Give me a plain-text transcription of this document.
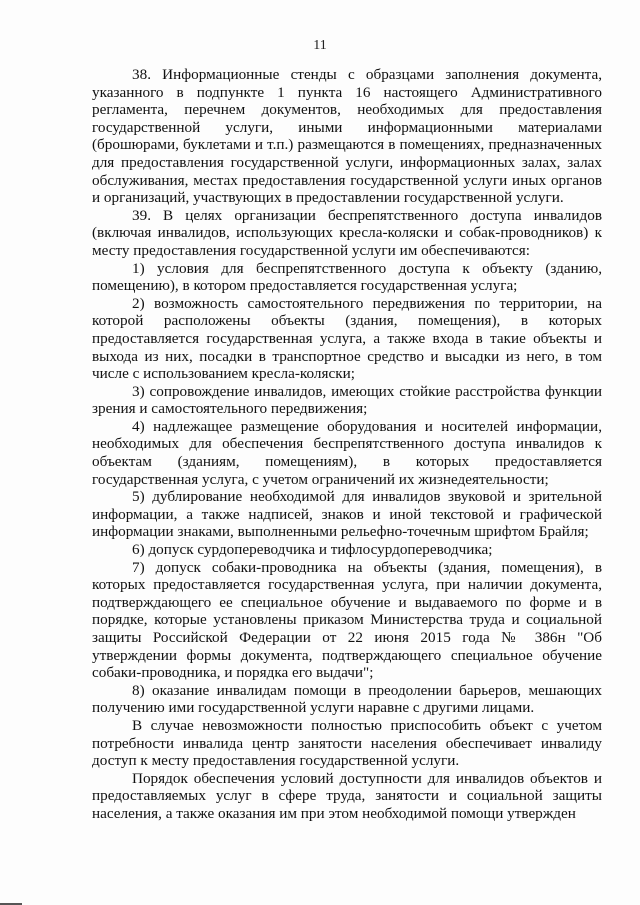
11

38. Информационные стенды с образцами заполнения документа, указанного в подпункте 1 пункта 16 настоящего Административного регламента, перечнем документов, необходимых для предоставления государственной услуги, иными информационными материалами (брошюрами, буклетами и т.п.) размещаются в помещениях, предназначенных для предоставления государственной услуги, информационных залах, залах обслуживания, местах предоставления государственной услуги иных органов и организаций, участвующих в предоставлении государственной услуги.

39. В целях организации беспрепятственного доступа инвалидов (включая инвалидов, использующих кресла-коляски и собак-проводников) к месту предоставления государственной услуги им обеспечиваются:

1) условия для беспрепятственного доступа к объекту (зданию, помещению), в котором предоставляется государственная услуга;

2) возможность самостоятельного передвижения по территории, на которой расположены объекты (здания, помещения), в которых предоставляется государственная услуга, а также входа в такие объекты и выхода из них, посадки в транспортное средство и высадки из него, в том числе с использованием кресла-коляски;

3) сопровождение инвалидов, имеющих стойкие расстройства функции зрения и самостоятельного передвижения;

4) надлежащее размещение оборудования и носителей информации, необходимых для обеспечения беспрепятственного доступа инвалидов к объектам (зданиям, помещениям), в которых предоставляется государственная услуга, с учетом ограничений их жизнедеятельности;

5) дублирование необходимой для инвалидов звуковой и зрительной информации, а также надписей, знаков и иной текстовой и графической информации знаками, выполненными рельефно-точечным шрифтом Брайля;

6) допуск сурдопереводчика и тифлосурдопереводчика;

7) допуск собаки-проводника на объекты (здания, помещения), в которых предоставляется государственная услуга, при наличии документа, подтверждающего ее специальное обучение и выдаваемого по форме и в порядке, которые установлены приказом Министерства труда и социальной защиты Российской Федерации от 22 июня 2015 года № 386н "Об утверждении формы документа, подтверждающего специальное обучение собаки-проводника, и порядка его выдачи";

8) оказание инвалидам помощи в преодолении барьеров, мешающих получению ими государственной услуги наравне с другими лицами.

В случае невозможности полностью приспособить объект с учетом потребности инвалида центр занятости населения обеспечивает инвалиду доступ к месту предоставления государственной услуги.

Порядок обеспечения условий доступности для инвалидов объектов и предоставляемых услуг в сфере труда, занятости и социальной защиты населения, а также оказания им при этом необходимой помощи утвержден
